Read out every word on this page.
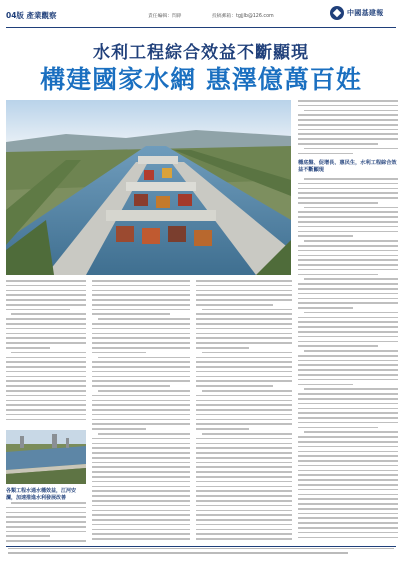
04版 產業觀察	責任編輯：閆錚	投稿郵箱：tgjjlb@126.com	中國基建報
水利工程綜合效益不斷顯現
構建國家水網 惠澤億萬百姓
穩底盤、促增長、惠民生，水利工程綜合效益不斷顯現
各類工程水通水穩效益，江河安瀾，加速推進水利發展改善
